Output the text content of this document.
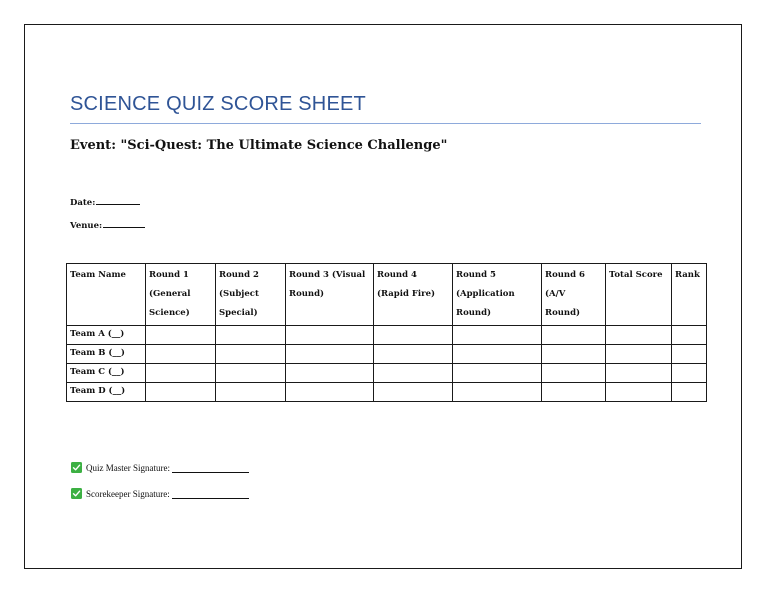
SCIENCE QUIZ SCORE SHEET
Event: "Sci-Quest: The Ultimate Science Challenge"
Date:
Venue:
Team Name	Round 1 (General Science)	Round 2 (Subject Special)	Round 3 (Visual Round)	Round 4 (Rapid Fire)	Round 5 (Application Round)	Round 6 (A/V Round)	Total Score	Rank
Team A (__)								
Team B (__)								
Team C (__)								
Team D (__)								
Quiz Master Signature:
Scorekeeper Signature:
